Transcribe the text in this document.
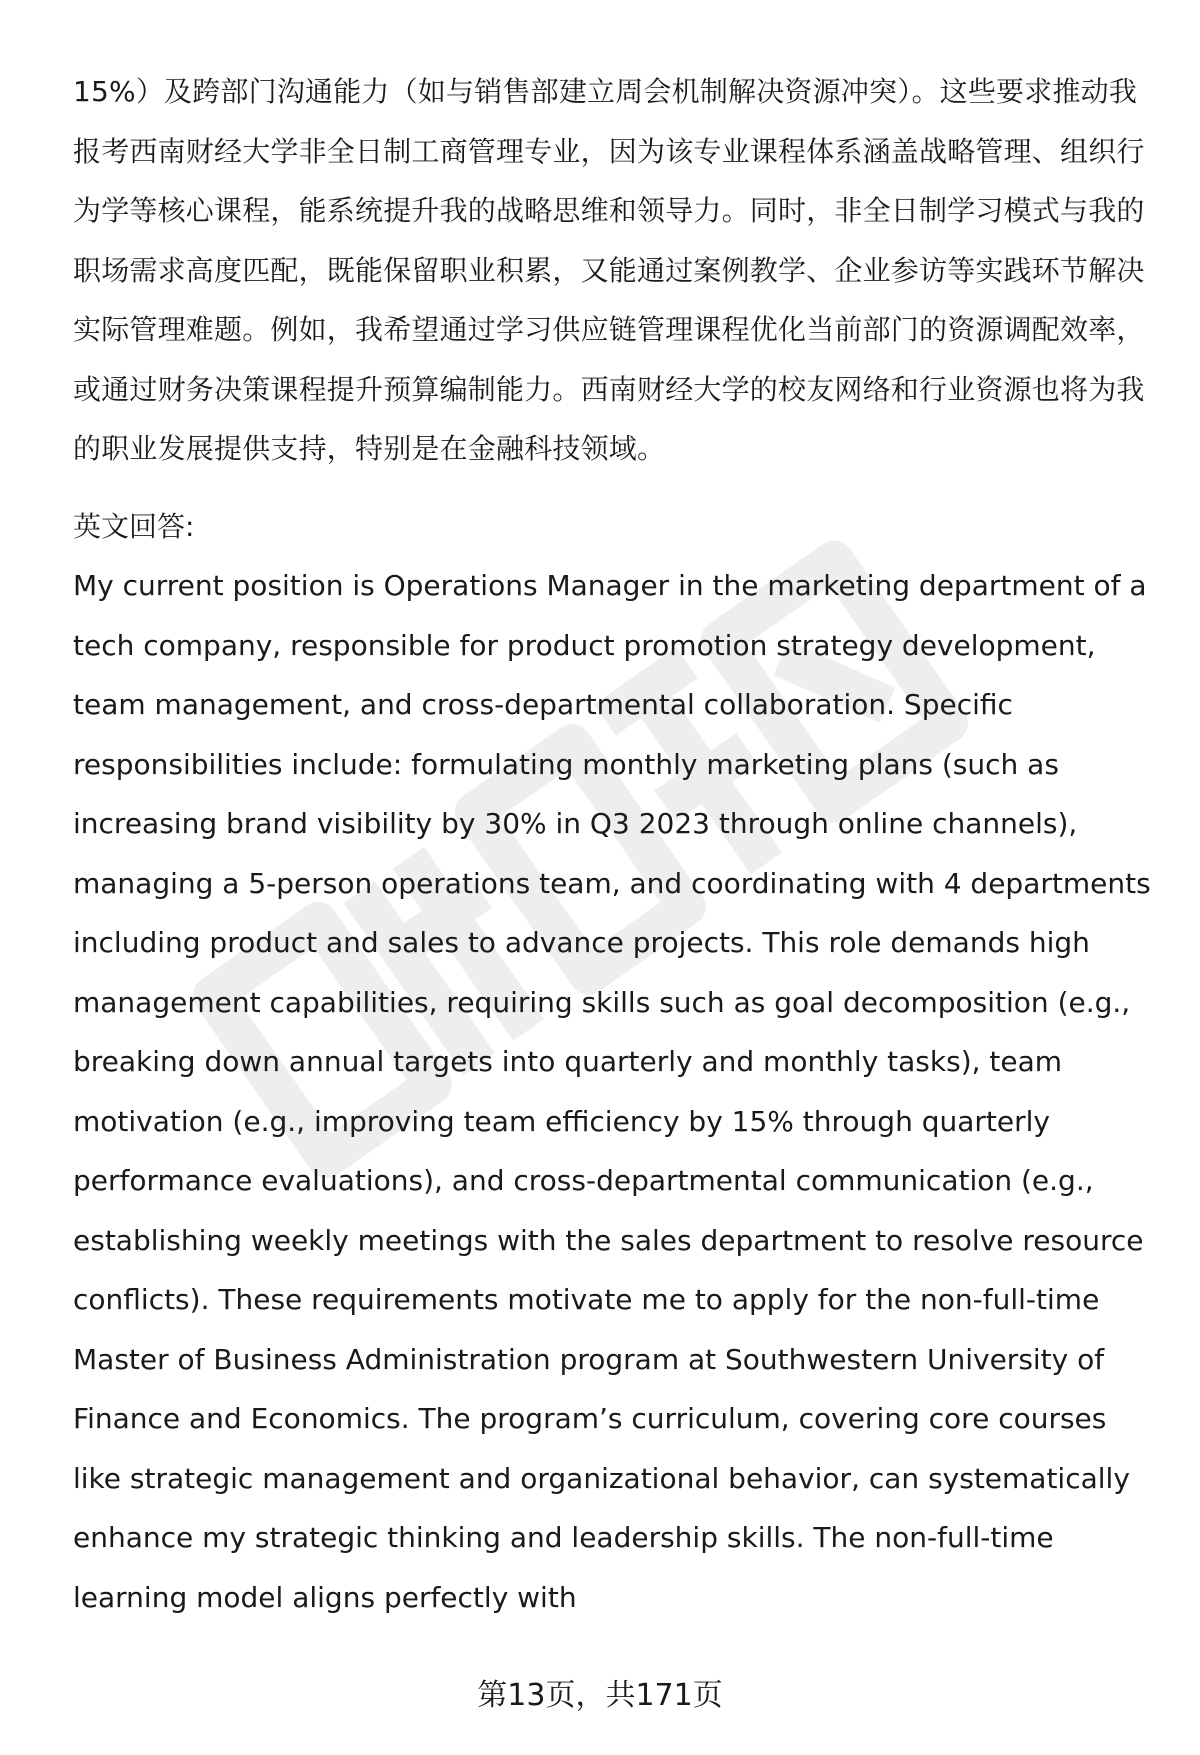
15%）及跨部门沟通能力（如与销售部建立周会机制解决资源冲突）。这些要求推动我报考西南财经大学非全日制工商管理专业，因为该专业课程体系涵盖战略管理、组织行为学等核心课程，能系统提升我的战略思维和领导力。同时，非全日制学习模式与我的职场需求高度匹配，既能保留职业积累，又能通过案例教学、企业参访等实践环节解决实际管理难题。例如，我希望通过学习供应链管理课程优化当前部门的资源调配效率，或通过财务决策课程提升预算编制能力。西南财经大学的校友网络和行业资源也将为我的职业发展提供支持，特别是在金融科技领域。

英文回答:

My current position is Operations Manager in the marketing department of a tech company, responsible for product promotion strategy development, team management, and cross-departmental collaboration. Specific responsibilities include: formulating monthly marketing plans (such as increasing brand visibility by 30% in Q3 2023 through online channels), managing a 5-person operations team, and coordinating with 4 departments including product and sales to advance projects. This role demands high management capabilities, requiring skills such as goal decomposition (e.g., breaking down annual targets into quarterly and monthly tasks), team motivation (e.g., improving team efficiency by 15% through quarterly performance evaluations), and cross-departmental communication (e.g., establishing weekly meetings with the sales department to resolve resource conflicts). These requirements motivate me to apply for the non-full-time Master of Business Administration program at Southwestern University of Finance and Economics. The program’s curriculum, covering core courses like strategic management and organizational behavior, can systematically enhance my strategic thinking and leadership skills. The non-full-time learning model aligns perfectly with

第13页，共171页
